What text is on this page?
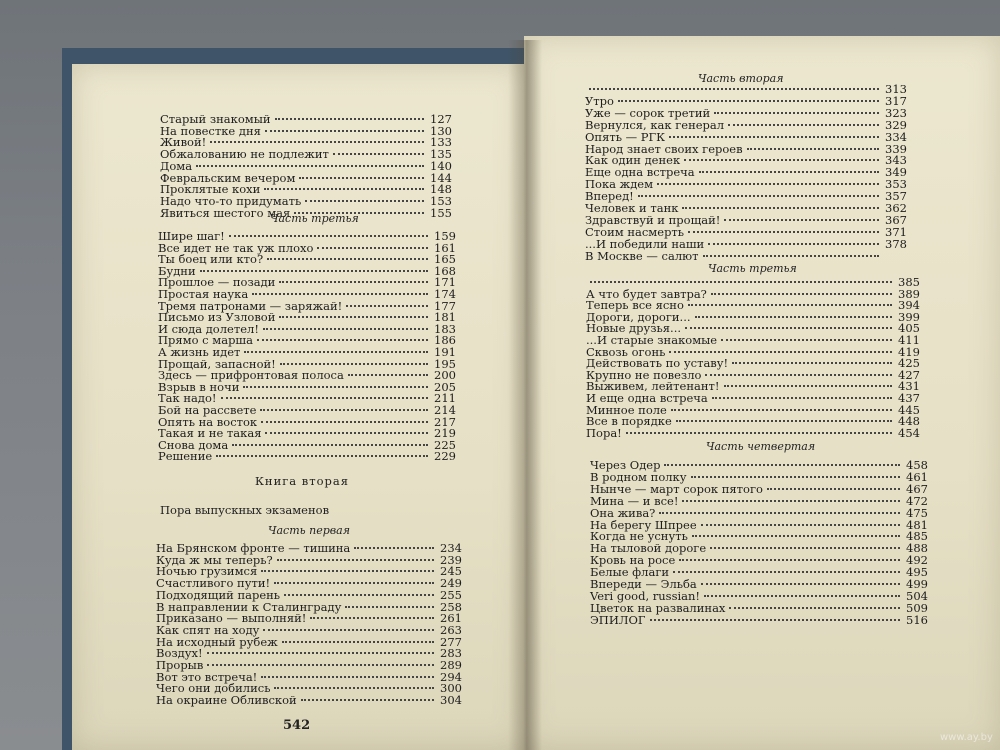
Старый знакомый	127
На повестке дня	130
Живой!	133
Обжалованию не подлежит	135
Дома	140
Февральским вечером	144
Проклятые кохи	148
Надо что-то придумать	153
Явиться шестого мая	155
Часть третья
Шире шаг!	159
Все идет не так уж плохо	161
Ты боец или кто?	165
Будни	168
Прошлое — позади	171
Простая наука	174
Тремя патронами — заряжай!	177
Письмо из Узловой	181
И сюда долетел!	183
Прямо с марша	186
А жизнь идет	191
Прощай, запасной!	195
Здесь — прифронтовая полоса	200
Взрыв в ночи	205
Так надо!	211
Бой на рассвете	214
Опять на восток	217
Такая и не такая	219
Снова дома	225
Решение	229
Книга вторая
Пора выпускных экзаменов
Часть первая
На Брянском фронте — тишина	234
Куда ж мы теперь?	239
Ночью грузимся	245
Счастливого пути!	249
Подходящий парень	255
В направлении к Сталинграду	258
Приказано — выполняй!	261
Как спят на ходу	263
На исходный рубеж	277
Воздух!	283
Прорыв	289
Вот это встреча!	294
Чего они добились	300
На окраине Обливской	304
Часть вторая
313
Утро	317
Уже — сорок третий	323
Вернулся, как генерал	329
Опять — РГК	334
Народ знает своих героев	339
Как один денек	343
Еще одна встреча	349
Пока ждем	353
Вперед!	357
Человек и танк	362
Здравствуй и прощай!	367
Стоим насмерть	371
...И победили наши	378
В Москве — салют
Часть третья
385
А что будет завтра?	389
Теперь все ясно	394
Дороги, дороги...	399
Новые друзья...	405
...И старые знакомые	411
Сквозь огонь	419
Действовать по уставу!	425
Крупно не повезло	427
Выживем, лейтенант!	431
И еще одна встреча	437
Минное поле	445
Все в порядке	448
Пора!	454
Часть четвертая
Через Одер	458
В родном полку	461
Нынче — март сорок пятого	467
Мина — и все!	472
Она жива?	475
На берегу Шпрее	481
Когда не уснуть	485
На тыловой дороге	488
Кровь на росе	492
Белые флаги	495
Впереди — Эльба	499
Veri good, russian!	504
Цветок на развалинах	509
ЭПИЛОГ	516
542
www.ay.by
